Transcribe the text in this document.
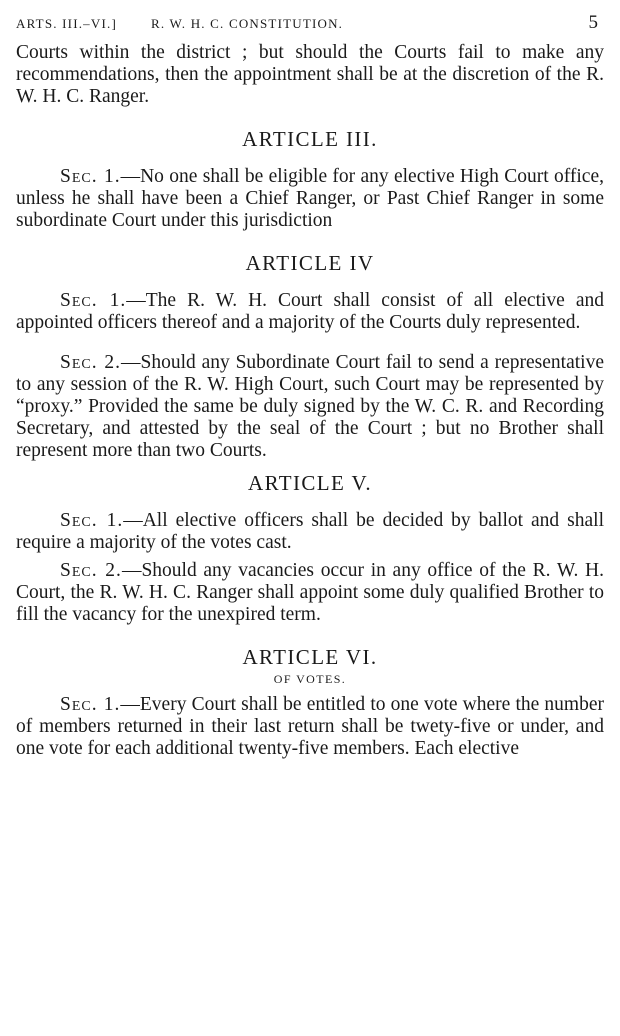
ARTS. III.–VI.]	R. W. H. C. CONSTITUTION.	5

Courts within the district ; but should the Courts fail to make any recommendations, then the appointment shall be at the discretion of the R. W. H. C. Ranger.

ARTICLE III.

Sec. 1.—No one shall be eligible for any elective High Court office, unless he shall have been a Chief Ranger, or Past Chief Ranger in some subordinate Court under this jurisdiction

ARTICLE IV

Sec. 1.—The R. W. H. Court shall consist of all elective and appointed officers thereof and a majority of the Courts duly represented.

Sec. 2.—Should any Subordinate Court fail to send a representative to any session of the R. W. High Court, such Court may be represented by “proxy.” Provided the same be duly signed by the W. C. R. and Recording Secretary, and attested by the seal of the Court ; but no Brother shall represent more than two Courts.

ARTICLE V.

Sec. 1.—All elective officers shall be decided by ballot and shall require a majority of the votes cast.

Sec. 2.—Should any vacancies occur in any office of the R. W. H. Court, the R. W. H. C. Ranger shall appoint some duly qualified Brother to fill the vacancy for the unexpired term.

ARTICLE VI.
OF VOTES.

Sec. 1.—Every Court shall be entitled to one vote where the number of members returned in their last return shall be twety-five or under, and one vote for each additional twenty-five members. Each elective
